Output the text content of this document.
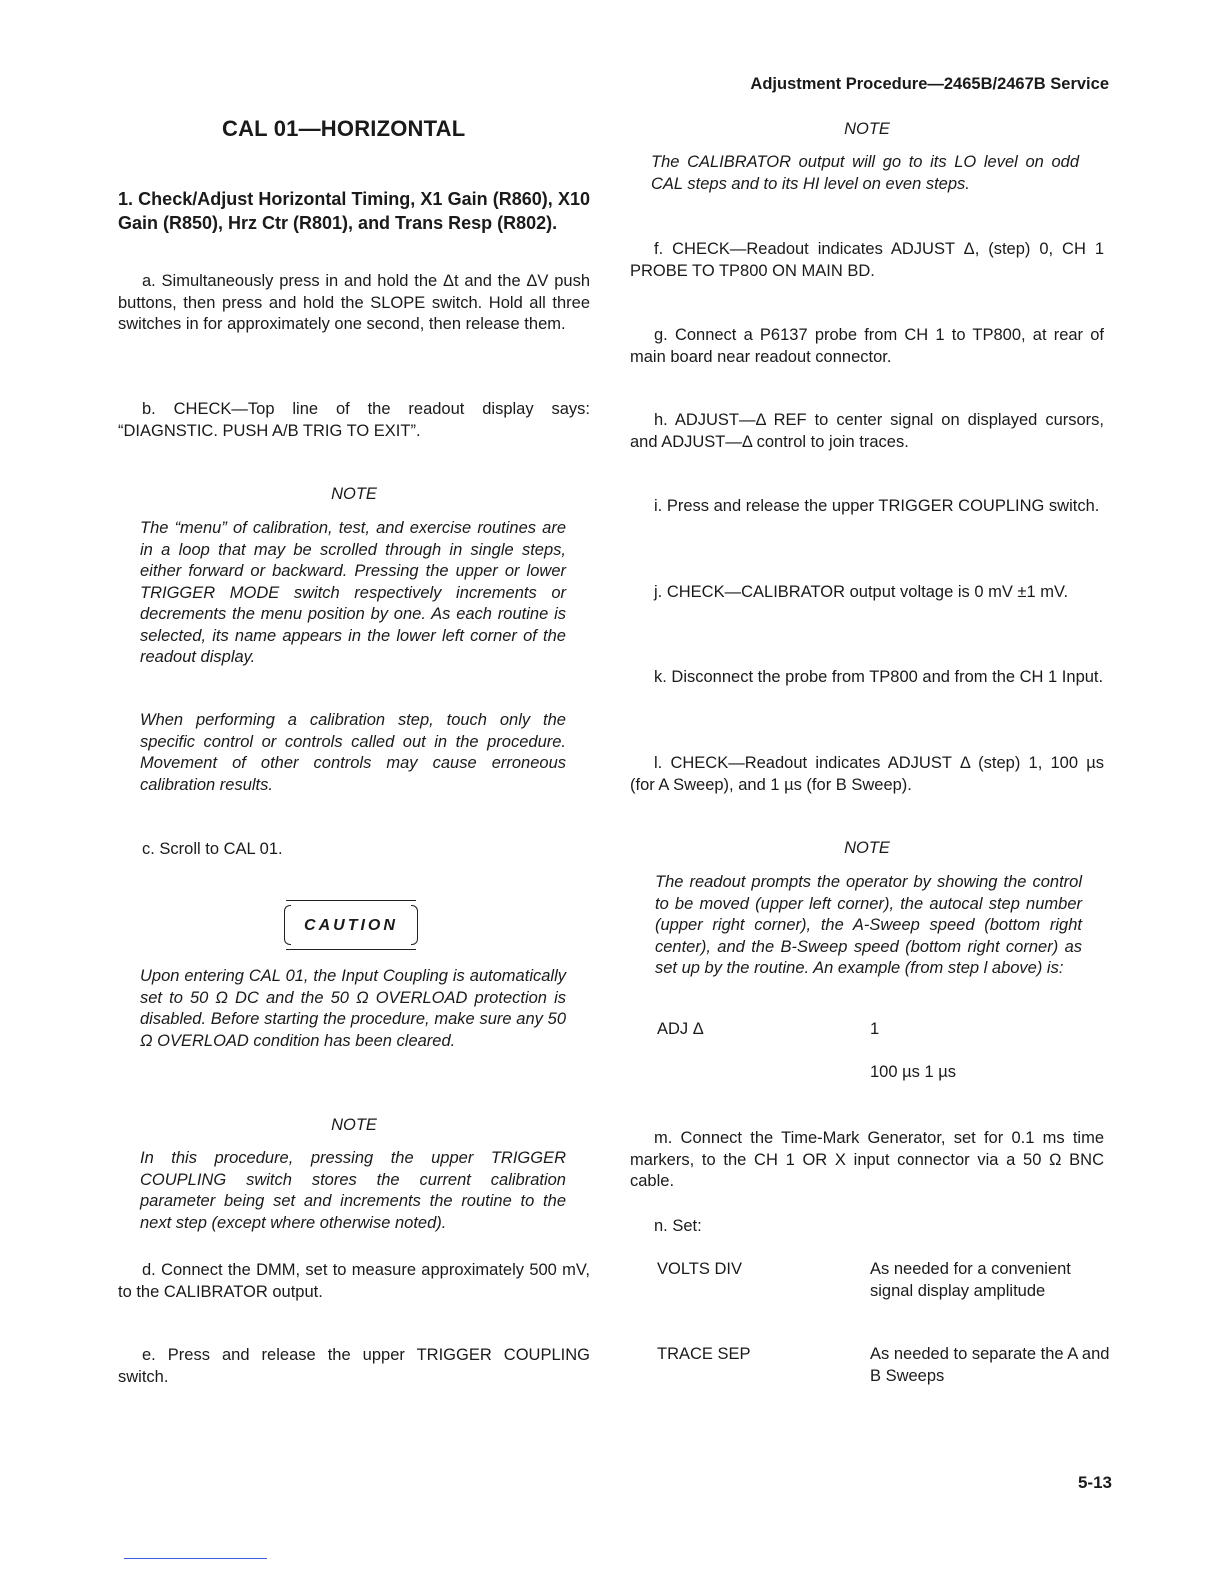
Adjustment Procedure—2465B/2467B Service
CAL 01—HORIZONTAL
1. Check/Adjust Horizontal Timing, X1 Gain (R860), X10 Gain (R850), Hrz Ctr (R801), and Trans Resp (R802).

a. Simultaneously press in and hold the Δt and the ΔV push buttons, then press and hold the SLOPE switch. Hold all three switches in for approximately one second, then release them.

b. CHECK—Top line of the readout display says: “DIAGNSTIC. PUSH A/B TRIG TO EXIT”.

NOTE

The “menu” of calibration, test, and exercise routines are in a loop that may be scrolled through in single steps, either forward or backward. Pressing the upper or lower TRIGGER MODE switch respectively increments or decrements the menu position by one. As each routine is selected, its name appears in the lower left corner of the readout display.

When performing a calibration step, touch only the specific control or controls called out in the procedure. Movement of other controls may cause erroneous calibration results.

c. Scroll to CAL 01.

CAUTION

Upon entering CAL 01, the Input Coupling is automatically set to 50 Ω DC and the 50 Ω OVERLOAD protection is disabled. Before starting the procedure, make sure any 50 Ω OVERLOAD condition has been cleared.

NOTE

In this procedure, pressing the upper TRIGGER COUPLING switch stores the current calibration parameter being set and increments the routine to the next step (except where otherwise noted).

d. Connect the DMM, set to measure approximately 500 mV, to the CALIBRATOR output.

e. Press and release the upper TRIGGER COUPLING switch.

NOTE

The CALIBRATOR output will go to its LO level on odd CAL steps and to its HI level on even steps.

f. CHECK—Readout indicates ADJUST Δ, (step) 0, CH 1 PROBE TO TP800 ON MAIN BD.

g. Connect a P6137 probe from CH 1 to TP800, at rear of main board near readout connector.

h. ADJUST—Δ REF to center signal on displayed cursors, and ADJUST—Δ control to join traces.

i. Press and release the upper TRIGGER COUPLING switch.

j. CHECK—CALIBRATOR output voltage is 0 mV ±1 mV.

k. Disconnect the probe from TP800 and from the CH 1 Input.

l. CHECK—Readout indicates ADJUST Δ (step) 1, 100 µs (for A Sweep), and 1 µs (for B Sweep).

NOTE

The readout prompts the operator by showing the control to be moved (upper left corner), the autocal step number (upper right corner), the A-Sweep speed (bottom right center), and the B-Sweep speed (bottom right corner) as set up by the routine. An example (from step l above) is:

ADJ Δ	1
100 µs 1 µs

m. Connect the Time-Mark Generator, set for 0.1 ms time markers, to the CH 1 OR X input connector via a 50 Ω BNC cable.

n. Set:

VOLTS DIV	As needed for a convenient signal display amplitude
TRACE SEP	As needed to separate the A and B Sweeps
5-13
